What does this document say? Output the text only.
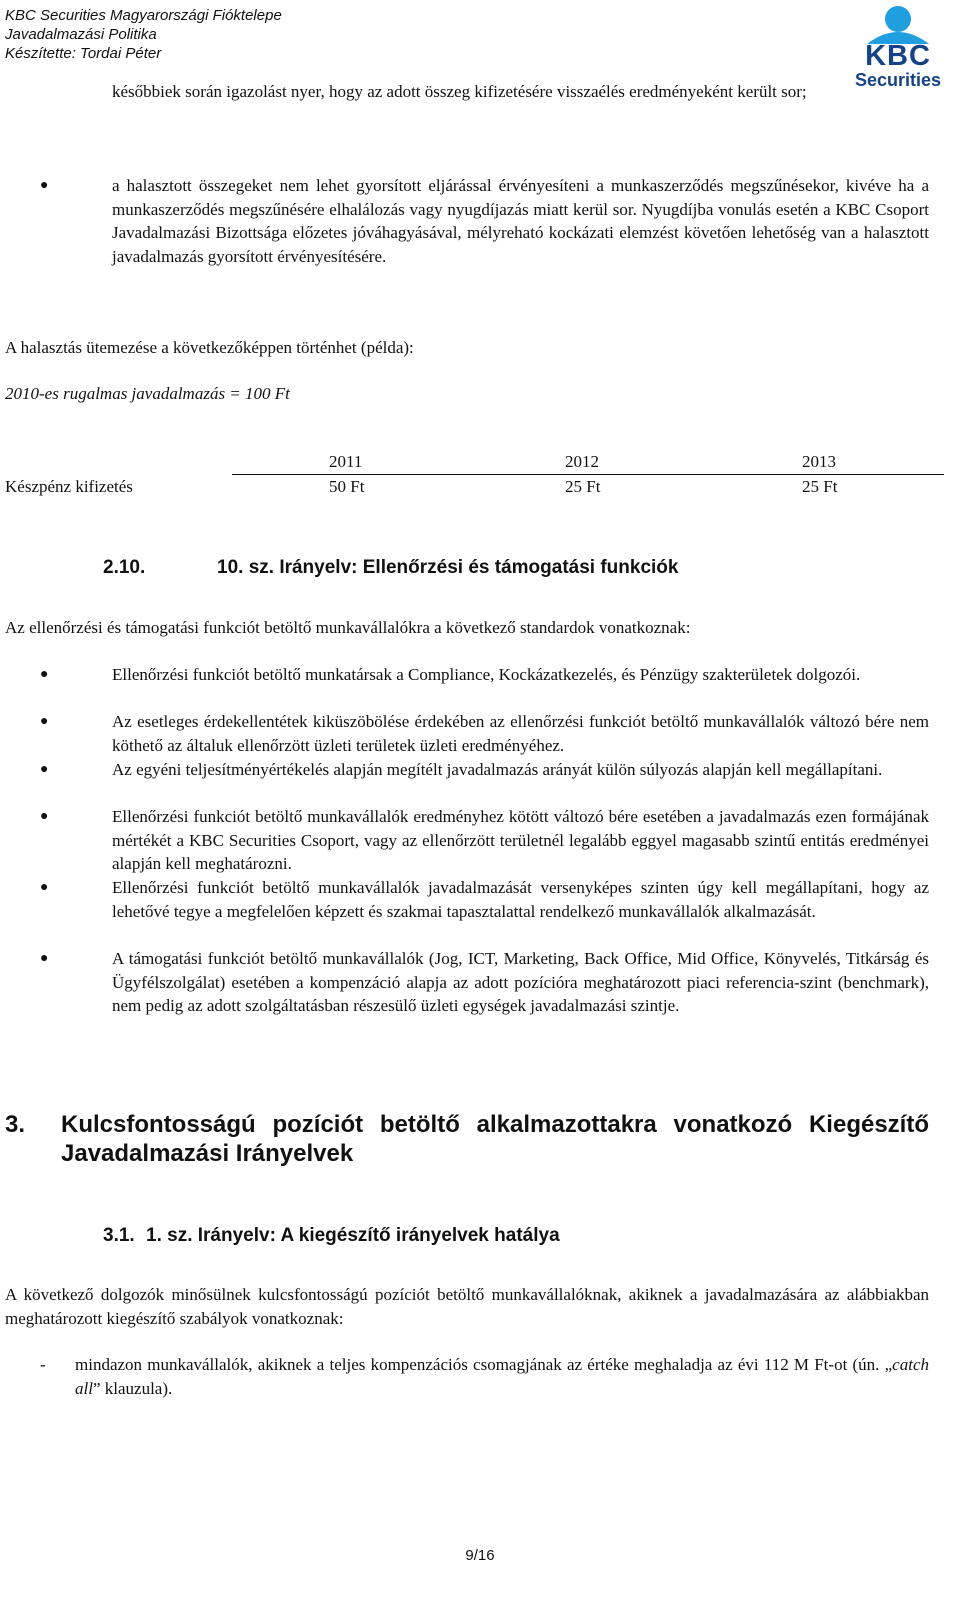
KBC Securities Magyarországi Fióktelepe
Javadalmazási Politika
Készítette: Tordai Péter	KBC
Securities

későbbiek során igazolást nyer, hogy az adott összeg kifizetésére visszaélés eredményeként került sor;

●	a halasztott összegeket nem lehet gyorsított eljárással érvényesíteni a munkaszerződés megszűnésekor, kivéve ha a munkaszerződés megszűnésére elhalálozás vagy nyugdíjazás miatt kerül sor. Nyugdíjba vonulás esetén a KBC Csoport Javadalmazási Bizottsága előzetes jóváhagyásával, mélyreható kockázati elemzést követően lehetőség van a halasztott javadalmazás gyorsított érvényesítésére.

A halasztás ütemezése a következőképpen történhet (példa):

2010-es rugalmas javadalmazás = 100 Ft

2011	2012	2013
Készpénz kifizetés	50 Ft	25 Ft	25 Ft
2.10.	10. sz. Irányelv: Ellenőrzési és támogatási funkciók

Az ellenőrzési és támogatási funkciót betöltő munkavállalókra a következő standardok vonatkoznak:

●	Ellenőrzési funkciót betöltő munkatársak a Compliance, Kockázatkezelés, és Pénzügy szakterületek dolgozói.

●	Az esetleges érdekellentétek kiküszöbölése érdekében az ellenőrzési funkciót betöltő munkavállalók változó bére nem köthető az általuk ellenőrzött üzleti területek üzleti eredményéhez.

●	Az egyéni teljesítményértékelés alapján megítélt javadalmazás arányát külön súlyozás alapján kell megállapítani.

●	Ellenőrzési funkciót betöltő munkavállalók eredményhez kötött változó bére esetében a javadalmazás ezen formájának mértékét a KBC Securities Csoport, vagy az ellenőrzött területnél legalább eggyel magasabb szintű entitás eredményei alapján kell meghatározni.

●	Ellenőrzési funkciót betöltő munkavállalók javadalmazását versenyképes szinten úgy kell megállapítani, hogy az lehetővé tegye a megfelelően képzett és szakmai tapasztalattal rendelkező munkavállalók alkalmazását.

●	A támogatási funkciót betöltő munkavállalók (Jog, ICT, Marketing, Back Office, Mid Office, Könyvelés, Titkárság és Ügyfélszolgálat) esetében a kompenzáció alapja az adott pozícióra meghatározott piaci referencia-szint (benchmark), nem pedig az adott szolgáltatásban részesülő üzleti egységek javadalmazási szintje.

3. Kulcsfontosságú pozíciót betöltő alkalmazottakra vonatkozó Kiegészítő Javadalmazási Irányelvek
3.1. 1. sz. Irányelv: A kiegészítő irányelvek hatálya

A következő dolgozók minősülnek kulcsfontosságú pozíciót betöltő munkavállalóknak, akiknek a javadalmazására az alábbiakban meghatározott kiegészítő szabályok vonatkoznak:

- mindazon munkavállalók, akiknek a teljes kompenzációs csomagjának az értéke meghaladja az évi 112 M Ft-ot (ún. „catch all” klauzula).

9/16
